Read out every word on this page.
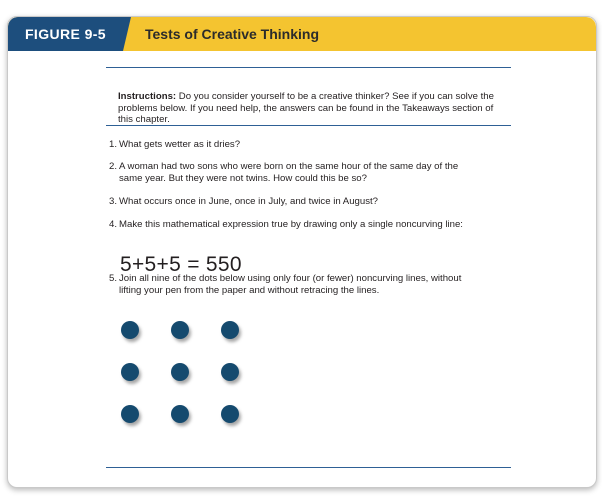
FIGURE 9-5	Tests of Creative Thinking
Instructions: Do you consider yourself to be a creative thinker? See if you can solve the problems below. If you need help, the answers can be found in the Takeaways section of this chapter.
1. What gets wetter as it dries?
2. A woman had two sons who were born on the same hour of the same day of the
same year. But they were not twins. How could this be so?
3. What occurs once in June, once in July, and twice in August?
4. Make this mathematical expression true by drawing only a single noncurving line:
5+5+5 = 550
5. Join all nine of the dots below using only four (or fewer) noncurving lines, without
lifting your pen from the paper and without retracing the lines.
